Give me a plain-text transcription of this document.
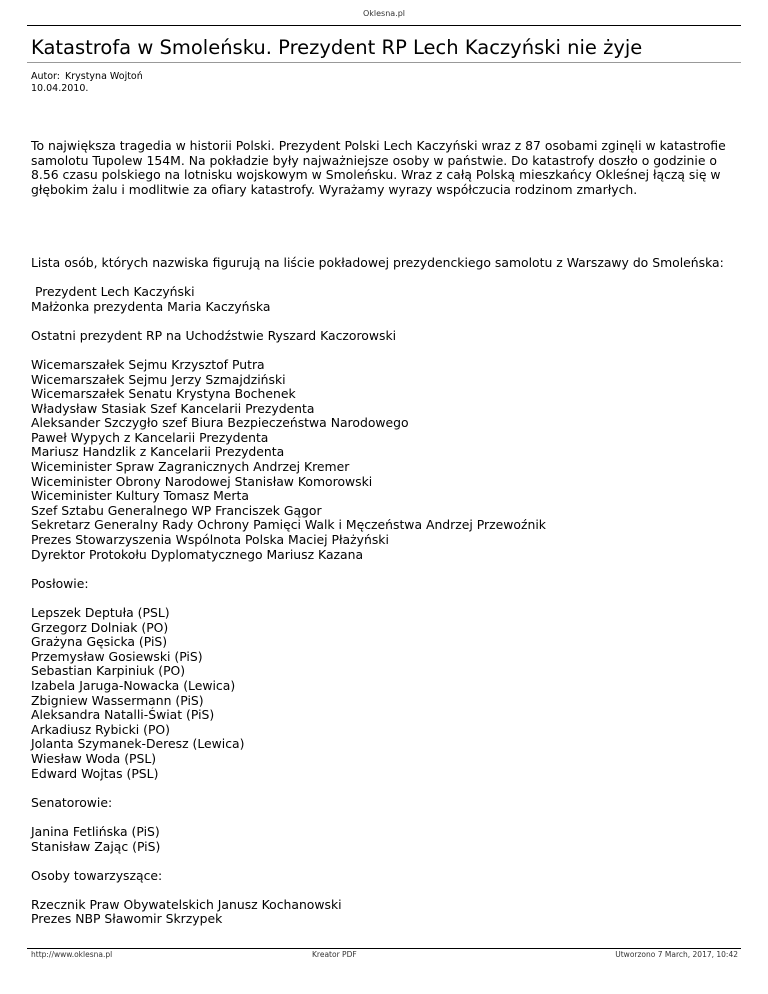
Oklesna.pl
Katastrofa w Smoleńsku. Prezydent RP Lech Kaczyński nie żyje
Autor: Krystyna Wojtoń
10.04.2010.

To największa tragedia w historii Polski. Prezydent Polski Lech Kaczyński wraz z 87 osobami zginęli w katastrofie samolotu Tupolew 154M. Na pokładzie były najważniejsze osoby w państwie. Do katastrofy doszło o godzinie o 8.56 czasu polskiego na lotnisku wojskowym w Smoleńsku. Wraz z całą Polską mieszkańcy Okleśnej łączą się w głębokim żalu i modlitwie za ofiary katastrofy. Wyrażamy wyrazy współczucia rodzinom zmarłych.

Lista osób, których nazwiska figurują na liście pokładowej prezydenckiego samolotu z Warszawy do Smoleńska:

Prezydent Lech Kaczyński
Małżonka prezydenta Maria Kaczyńska
Ostatni prezydent RP na Uchodźstwie Ryszard Kaczorowski
Wicemarszałek Sejmu Krzysztof Putra
Wicemarszałek Sejmu Jerzy Szmajdziński
Wicemarszałek Senatu Krystyna Bochenek
Władysław Stasiak Szef Kancelarii Prezydenta
Aleksander Szczygło szef Biura Bezpieczeństwa Narodowego
Paweł Wypych z Kancelarii Prezydenta
Mariusz Handzlik z Kancelarii Prezydenta
Wiceminister Spraw Zagranicznych Andrzej Kremer
Wiceminister Obrony Narodowej Stanisław Komorowski
Wiceminister Kultury Tomasz Merta
Szef Sztabu Generalnego WP Franciszek Gągor
Sekretarz Generalny Rady Ochrony Pamięci Walk i Męczeństwa Andrzej Przewoźnik
Prezes Stowarzyszenia Wspólnota Polska Maciej Płażyński
Dyrektor Protokołu Dyplomatycznego Mariusz Kazana

Posłowie:

Lepszek Deptuła (PSL)
Grzegorz Dolniak (PO)
Grażyna Gęsicka (PiS)
Przemysław Gosiewski (PiS)
Sebastian Karpiniuk (PO)
Izabela Jaruga-Nowacka (Lewica)
Zbigniew Wassermann (PiS)
Aleksandra Natalli-Świat (PiS)
Arkadiusz Rybicki (PO)
Jolanta Szymanek-Deresz (Lewica)
Wiesław Woda (PSL)
Edward Wojtas (PSL)

Senatorowie:

Janina Fetlińska (PiS)
Stanisław Zając (PiS)

Osoby towarzyszące:

Rzecznik Praw Obywatelskich Janusz Kochanowski
Prezes NBP Sławomir Skrzypek
http://www.oklesna.pl	Kreator PDF	Utworzono 7 March, 2017, 10:42
